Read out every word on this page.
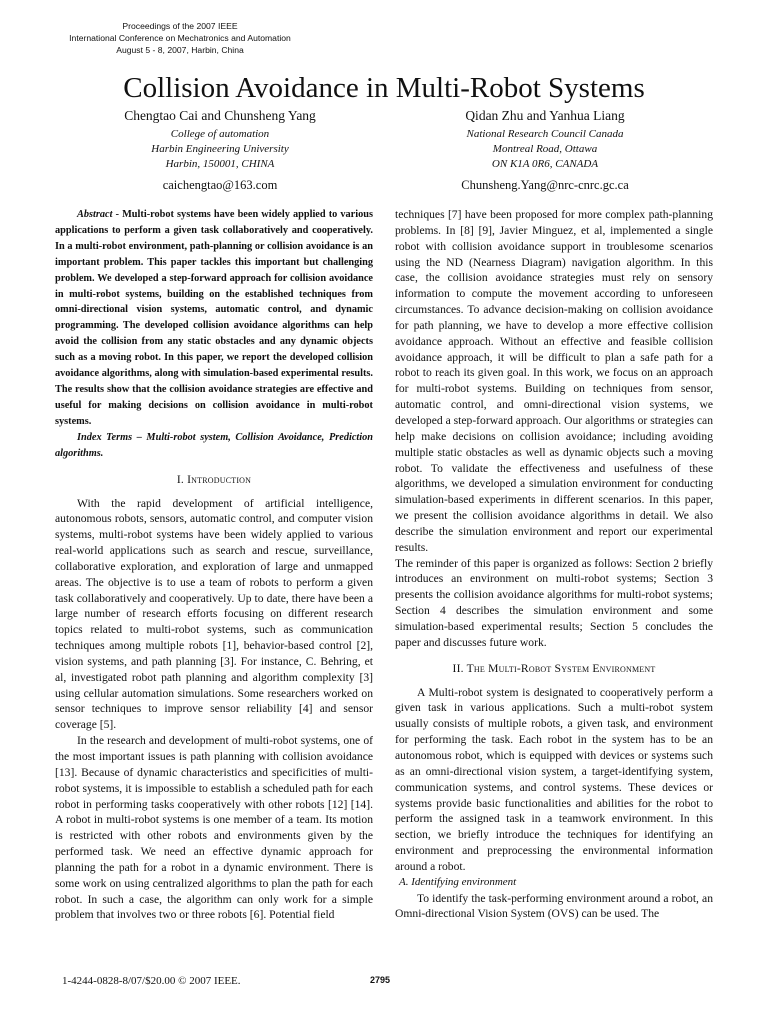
Proceedings of the 2007 IEEE
International Conference on Mechatronics and Automation
August 5 - 8, 2007, Harbin, China
Collision Avoidance in Multi-Robot Systems
Chengtao Cai and Chunsheng Yang
College of automation
Harbin Engineering University
Harbin, 150001, CHINA
caichengtao@163.com
Qidan Zhu and Yanhua Liang
National Research Council Canada
Montreal Road, Ottawa
ON K1A 0R6, CANADA
Chunsheng.Yang@nrc-cnrc.gc.ca

Abstract - Multi-robot systems have been widely applied to various applications to perform a given task collaboratively and cooperatively. In a multi-robot environment, path-planning or collision avoidance is an important problem. This paper tackles this important but challenging problem. We developed a step-forward approach for collision avoidance in multi-robot systems, building on the established techniques from omni-directional vision systems, automatic control, and dynamic programming. The developed collision avoidance algorithms can help avoid the collision from any static obstacles and any dynamic objects such as a moving robot. In this paper, we report the developed collision avoidance algorithms, along with simulation-based experimental results. The results show that the collision avoidance strategies are effective and useful for making decisions on collision avoidance in multi-robot systems.

Index Terms – Multi-robot system, Collision Avoidance, Prediction algorithms.

I. Introduction

With the rapid development of artificial intelligence, autonomous robots, sensors, automatic control, and computer vision systems, multi-robot systems have been widely applied to various real-world applications such as search and rescue, surveillance, collaborative exploration, and exploration of large and unmapped areas. The objective is to use a team of robots to perform a given task collaboratively and cooperatively. Up to date, there have been a large number of research efforts focusing on different research topics related to multi-robot systems, such as communication techniques among multiple robots [1], behavior-based control [2], vision systems, and path planning [3]. For instance, C. Behring, et al, investigated robot path planning and algorithm complexity [3] using cellular automation simulations. Some researchers worked on sensor techniques to improve sensor reliability [4] and sensor coverage [5].

In the research and development of multi-robot systems, one of the most important issues is path planning with collision avoidance [13]. Because of dynamic characteristics and specificities of multi-robot systems, it is impossible to establish a scheduled path for each robot in performing tasks cooperatively with other robots [12] [14]. A robot in multi-robot systems is one member of a team. Its motion is restricted with other robots and environments given by the performed task. We need an effective dynamic approach for planning the path for a robot in a dynamic environment. There is some work on using centralized algorithms to plan the path for each robot. In such a case, the algorithm can only work for a simple problem that involves two or three robots [6]. Potential field

techniques [7] have been proposed for more complex path-planning problems. In [8] [9], Javier Minguez, et al, implemented a single robot with collision avoidance support in troublesome scenarios using the ND (Nearness Diagram) navigation algorithm. In this case, the collision avoidance strategies must rely on sensory information to compute the movement according to unforeseen circumstances. To advance decision-making on collision avoidance for path planning, we have to develop a more effective collision avoidance approach. Without an effective and feasible collision avoidance approach, it will be difficult to plan a safe path for a robot to reach its given goal. In this work, we focus on an approach for multi-robot systems. Building on techniques from sensor, automatic control, and omni-directional vision systems, we developed a step-forward approach. Our algorithms or strategies can help make decisions on collision avoidance; including avoiding multiple static obstacles as well as dynamic objects such a moving robot. To validate the effectiveness and usefulness of these algorithms, we developed a simulation environment for conducting simulation-based experiments in different scenarios. In this paper, we present the collision avoidance algorithms in detail. We also describe the simulation environment and report our experimental results.

The reminder of this paper is organized as follows: Section 2 briefly introduces an environment on multi-robot systems; Section 3 presents the collision avoidance algorithms for multi-robot systems; Section 4 describes the simulation environment and some simulation-based experimental results; Section 5 concludes the paper and discusses future work.

II. The Multi-Robot System Environment

A Multi-robot system is designated to cooperatively perform a given task in various applications. Such a multi-robot system usually consists of multiple robots, a given task, and environment for performing the task. Each robot in the system has to be an autonomous robot, which is equipped with devices or systems such as an omni-directional vision system, a target-identifying system, communication systems, and control systems. These devices or systems provide basic functionalities and abilities for the robot to perform the assigned task in a teamwork environment. In this section, we briefly introduce the techniques for identifying an environment and preprocessing the environmental information around a robot.

A. Identifying environment

To identify the task-performing environment around a robot, an Omni-directional Vision System (OVS) can be used. The

1-4244-0828-8/07/$20.00 © 2007 IEEE.	2795
